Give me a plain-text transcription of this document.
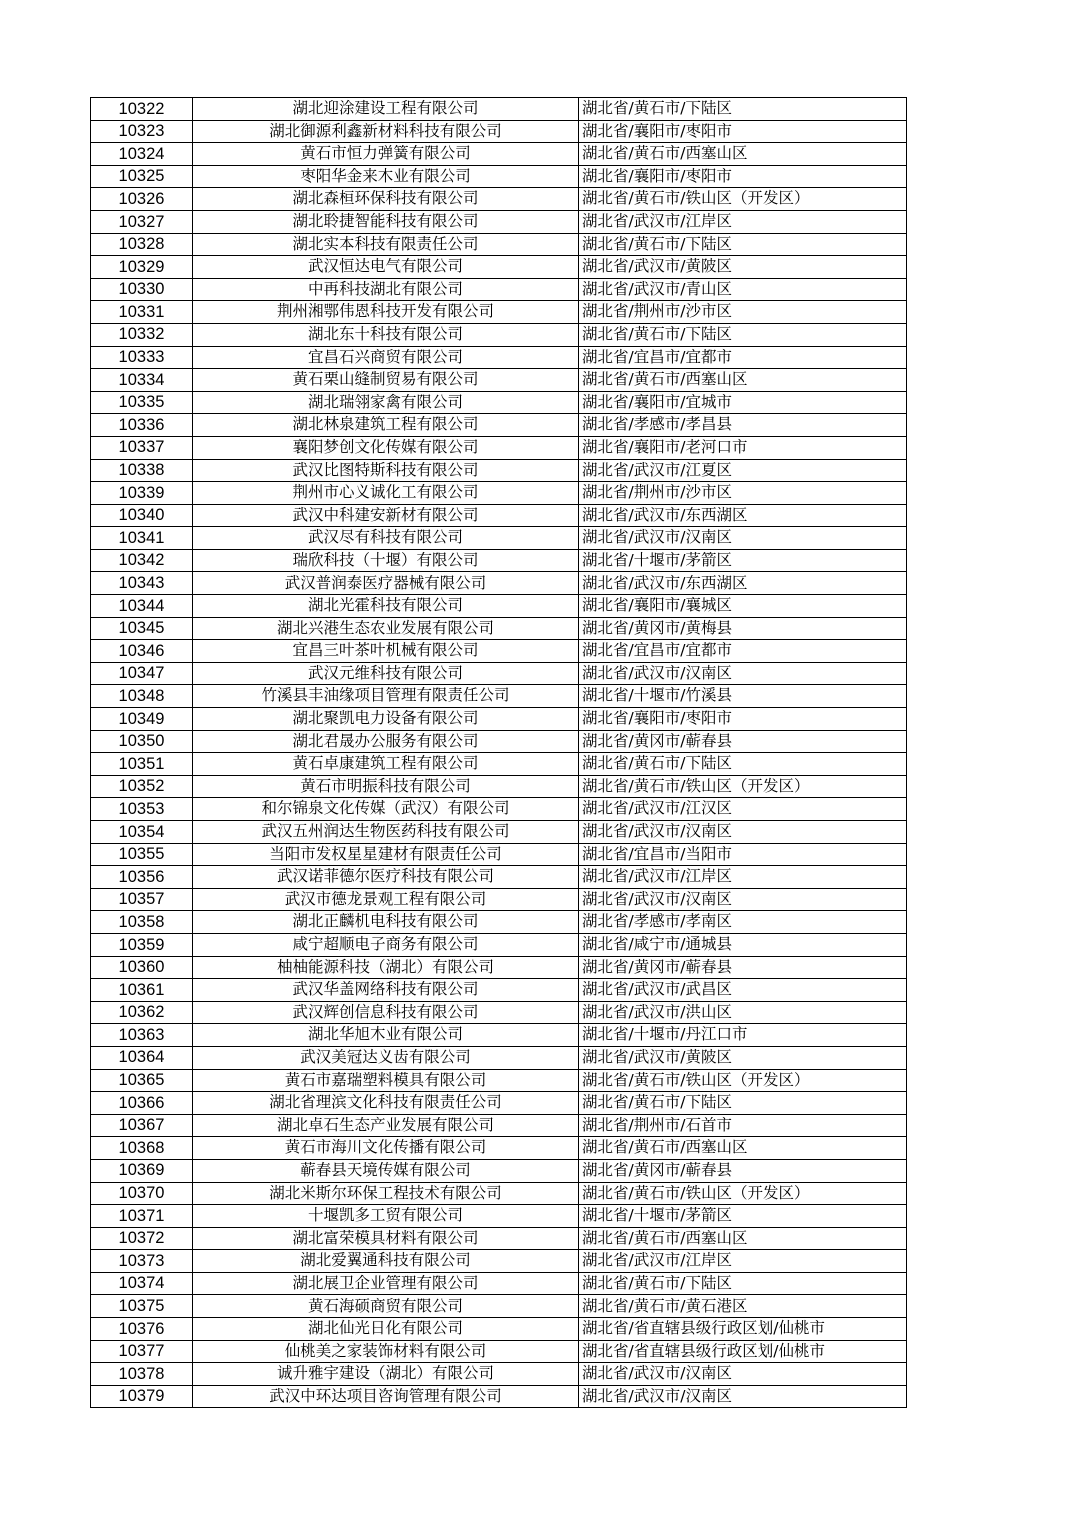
10322	湖北迎涂建设工程有限公司	湖北省/黄石市/下陆区
10323	湖北御源利鑫新材料科技有限公司	湖北省/襄阳市/枣阳市
10324	黄石市恒力弹簧有限公司	湖北省/黄石市/西塞山区
10325	枣阳华金来木业有限公司	湖北省/襄阳市/枣阳市
10326	湖北森桓环保科技有限公司	湖北省/黄石市/铁山区（开发区）
10327	湖北聆捷智能科技有限公司	湖北省/武汉市/江岸区
10328	湖北实本科技有限责任公司	湖北省/黄石市/下陆区
10329	武汉恒达电气有限公司	湖北省/武汉市/黄陂区
10330	中再科技湖北有限公司	湖北省/武汉市/青山区
10331	荆州湘鄂伟恩科技开发有限公司	湖北省/荆州市/沙市区
10332	湖北东十科技有限公司	湖北省/黄石市/下陆区
10333	宜昌石兴商贸有限公司	湖北省/宜昌市/宜都市
10334	黄石栗山缝制贸易有限公司	湖北省/黄石市/西塞山区
10335	湖北瑞翎家禽有限公司	湖北省/襄阳市/宜城市
10336	湖北林泉建筑工程有限公司	湖北省/孝感市/孝昌县
10337	襄阳梦创文化传媒有限公司	湖北省/襄阳市/老河口市
10338	武汉比图特斯科技有限公司	湖北省/武汉市/江夏区
10339	荆州市心义诚化工有限公司	湖北省/荆州市/沙市区
10340	武汉中科建安新材有限公司	湖北省/武汉市/东西湖区
10341	武汉尽有科技有限公司	湖北省/武汉市/汉南区
10342	瑞欣科技（十堰）有限公司	湖北省/十堰市/茅箭区
10343	武汉普润泰医疗器械有限公司	湖北省/武汉市/东西湖区
10344	湖北光霍科技有限公司	湖北省/襄阳市/襄城区
10345	湖北兴港生态农业发展有限公司	湖北省/黄冈市/黄梅县
10346	宜昌三叶茶叶机械有限公司	湖北省/宜昌市/宜都市
10347	武汉元维科技有限公司	湖北省/武汉市/汉南区
10348	竹溪县丰油缘项目管理有限责任公司	湖北省/十堰市/竹溪县
10349	湖北聚凯电力设备有限公司	湖北省/襄阳市/枣阳市
10350	湖北君晟办公服务有限公司	湖北省/黄冈市/蕲春县
10351	黄石卓康建筑工程有限公司	湖北省/黄石市/下陆区
10352	黄石市明振科技有限公司	湖北省/黄石市/铁山区（开发区）
10353	和尔锦泉文化传媒（武汉）有限公司	湖北省/武汉市/江汉区
10354	武汉五州润达生物医药科技有限公司	湖北省/武汉市/汉南区
10355	当阳市发权星星建材有限责任公司	湖北省/宜昌市/当阳市
10356	武汉诺菲德尔医疗科技有限公司	湖北省/武汉市/江岸区
10357	武汉市德龙景观工程有限公司	湖北省/武汉市/汉南区
10358	湖北正麟机电科技有限公司	湖北省/孝感市/孝南区
10359	咸宁超顺电子商务有限公司	湖北省/咸宁市/通城县
10360	柚柚能源科技（湖北）有限公司	湖北省/黄冈市/蕲春县
10361	武汉华盖网络科技有限公司	湖北省/武汉市/武昌区
10362	武汉辉创信息科技有限公司	湖北省/武汉市/洪山区
10363	湖北华旭木业有限公司	湖北省/十堰市/丹江口市
10364	武汉美冠达义齿有限公司	湖北省/武汉市/黄陂区
10365	黄石市嘉瑞塑料模具有限公司	湖北省/黄石市/铁山区（开发区）
10366	湖北省理滨文化科技有限责任公司	湖北省/黄石市/下陆区
10367	湖北卓石生态产业发展有限公司	湖北省/荆州市/石首市
10368	黄石市海川文化传播有限公司	湖北省/黄石市/西塞山区
10369	蕲春县天境传媒有限公司	湖北省/黄冈市/蕲春县
10370	湖北米斯尔环保工程技术有限公司	湖北省/黄石市/铁山区（开发区）
10371	十堰凯多工贸有限公司	湖北省/十堰市/茅箭区
10372	湖北富荣模具材料有限公司	湖北省/黄石市/西塞山区
10373	湖北爱翼通科技有限公司	湖北省/武汉市/江岸区
10374	湖北展卫企业管理有限公司	湖北省/黄石市/下陆区
10375	黄石海硕商贸有限公司	湖北省/黄石市/黄石港区
10376	湖北仙光日化有限公司	湖北省/省直辖县级行政区划/仙桃市
10377	仙桃美之家装饰材料有限公司	湖北省/省直辖县级行政区划/仙桃市
10378	诚升雅宇建设（湖北）有限公司	湖北省/武汉市/汉南区
10379	武汉中环达项目咨询管理有限公司	湖北省/武汉市/汉南区
